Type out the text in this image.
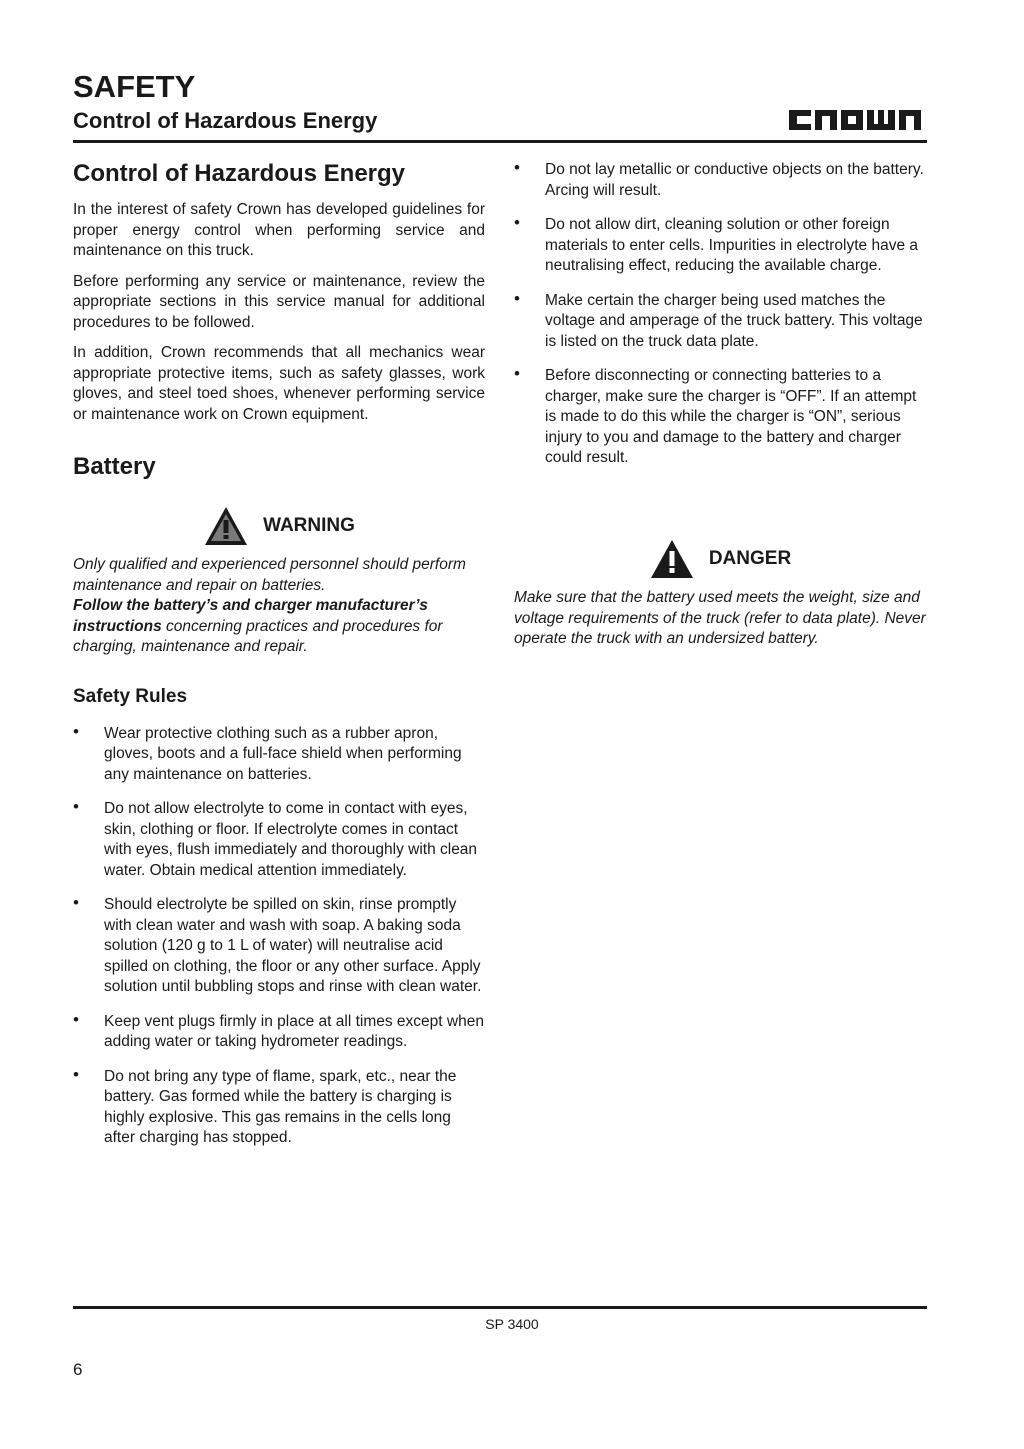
SAFETY
Control of Hazardous Energy
Control of Hazardous Energy

In the interest of safety Crown has developed guidelines for proper energy control when performing service and maintenance on this truck.

Before performing any service or maintenance, review the appropriate sections in this service manual for additional procedures to be followed.

In addition, Crown recommends that all mechanics wear appropriate protective items, such as safety glasses, work gloves, and steel toed shoes, whenever performing service or maintenance work on Crown equipment.

Battery
WARNING

Only qualified and experienced personnel should perform maintenance and repair on batteries.
Follow the battery’s and charger manufacturer’s instructions concerning practices and procedures for charging, maintenance and repair.

Safety Rules
• Wear protective clothing such as a rubber apron, gloves, boots and a full-face shield when performing any maintenance on batteries.
• Do not allow electrolyte to come in contact with eyes, skin, clothing or floor. If electrolyte comes in contact with eyes, flush immediately and thoroughly with clean water. Obtain medical attention immediately.
• Should electrolyte be spilled on skin, rinse promptly with clean water and wash with soap. A baking soda solution (120 g to 1 L of water) will neutralise acid spilled on clothing, the floor or any other surface. Apply solution until bubbling stops and rinse with clean water.
• Keep vent plugs firmly in place at all times except when adding water or taking hydrometer readings.
• Do not bring any type of flame, spark, etc., near the battery. Gas formed while the battery is charging is highly explosive. This gas remains in the cells long after charging has stopped.
• Do not lay metallic or conductive objects on the battery. Arcing will result.
• Do not allow dirt, cleaning solution or other foreign materials to enter cells. Impurities in electrolyte have a neutralising effect, reducing the available charge.
• Make certain the charger being used matches the voltage and amperage of the truck battery. This voltage is listed on the truck data plate.
• Before disconnecting or connecting batteries to a charger, make sure the charger is “OFF”. If an attempt is made to do this while the charger is “ON”, serious injury to you and damage to the battery and charger could result.
DANGER

Make sure that the battery used meets the weight, size and voltage requirements of the truck (refer to data plate). Never operate the truck with an undersized battery.

SP 3400
6
